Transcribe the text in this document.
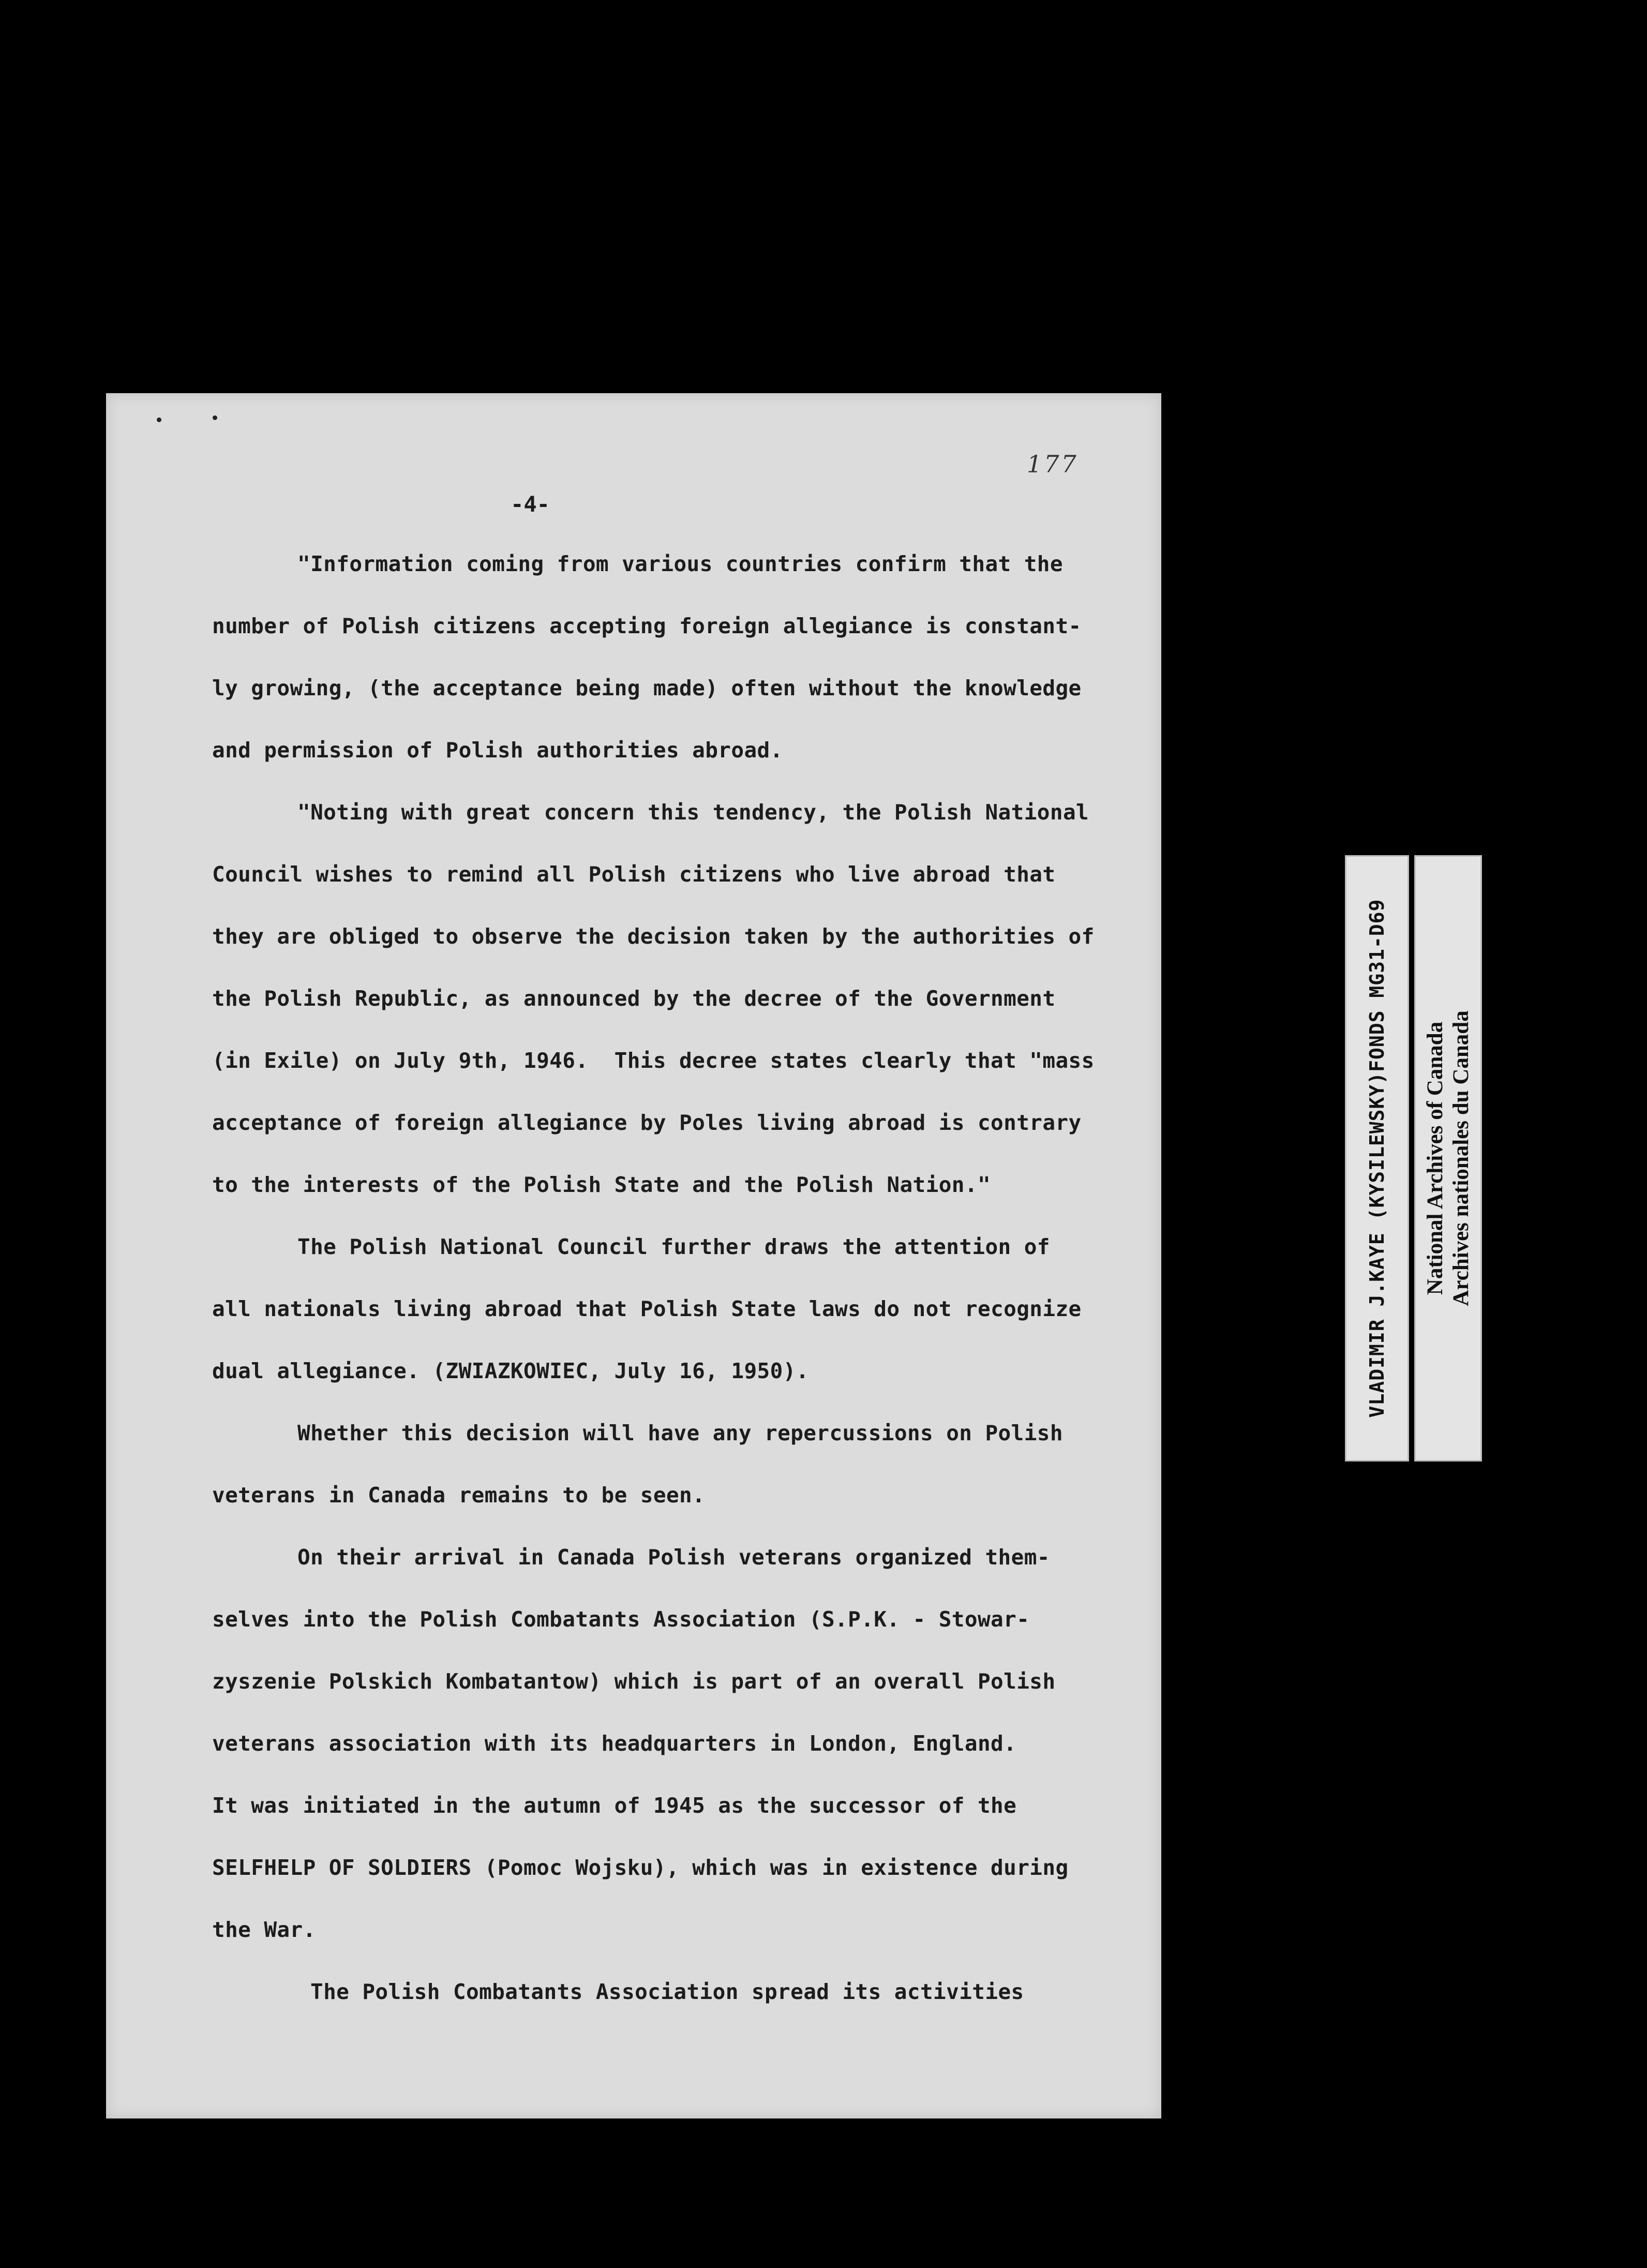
177
-4-
"Information coming from various countries confirm that the
number of Polish citizens accepting foreign allegiance is constant-
ly growing, (the acceptance being made) often without the knowledge
and permission of Polish authorities abroad.
"Noting with great concern this tendency, the Polish National
Council wishes to remind all Polish citizens who live abroad that
they are obliged to observe the decision taken by the authorities of
the Polish Republic, as announced by the decree of the Government
(in Exile) on July 9th, 1946.  This decree states clearly that "mass
acceptance of foreign allegiance by Poles living abroad is contrary
to the interests of the Polish State and the Polish Nation."
The Polish National Council further draws the attention of
all nationals living abroad that Polish State laws do not recognize
dual allegiance. (ZWIAZKOWIEC, July 16, 1950).
Whether this decision will have any repercussions on Polish
veterans in Canada remains to be seen.
On their arrival in Canada Polish veterans organized them-
selves into the Polish Combatants Association (S.P.K. - Stowar-
zyszenie Polskich Kombatantow) which is part of an overall Polish
veterans association with its headquarters in London, England.
It was initiated in the autumn of 1945 as the successor of the
SELFHELP OF SOLDIERS (Pomoc Wojsku), which was in existence during
the War.
The Polish Combatants Association spread its activities
VLADIMIR J.KAYE (KYSILEWSKY)FONDS MG31-D69 National Archives of Canada Archives nationales du Canada
